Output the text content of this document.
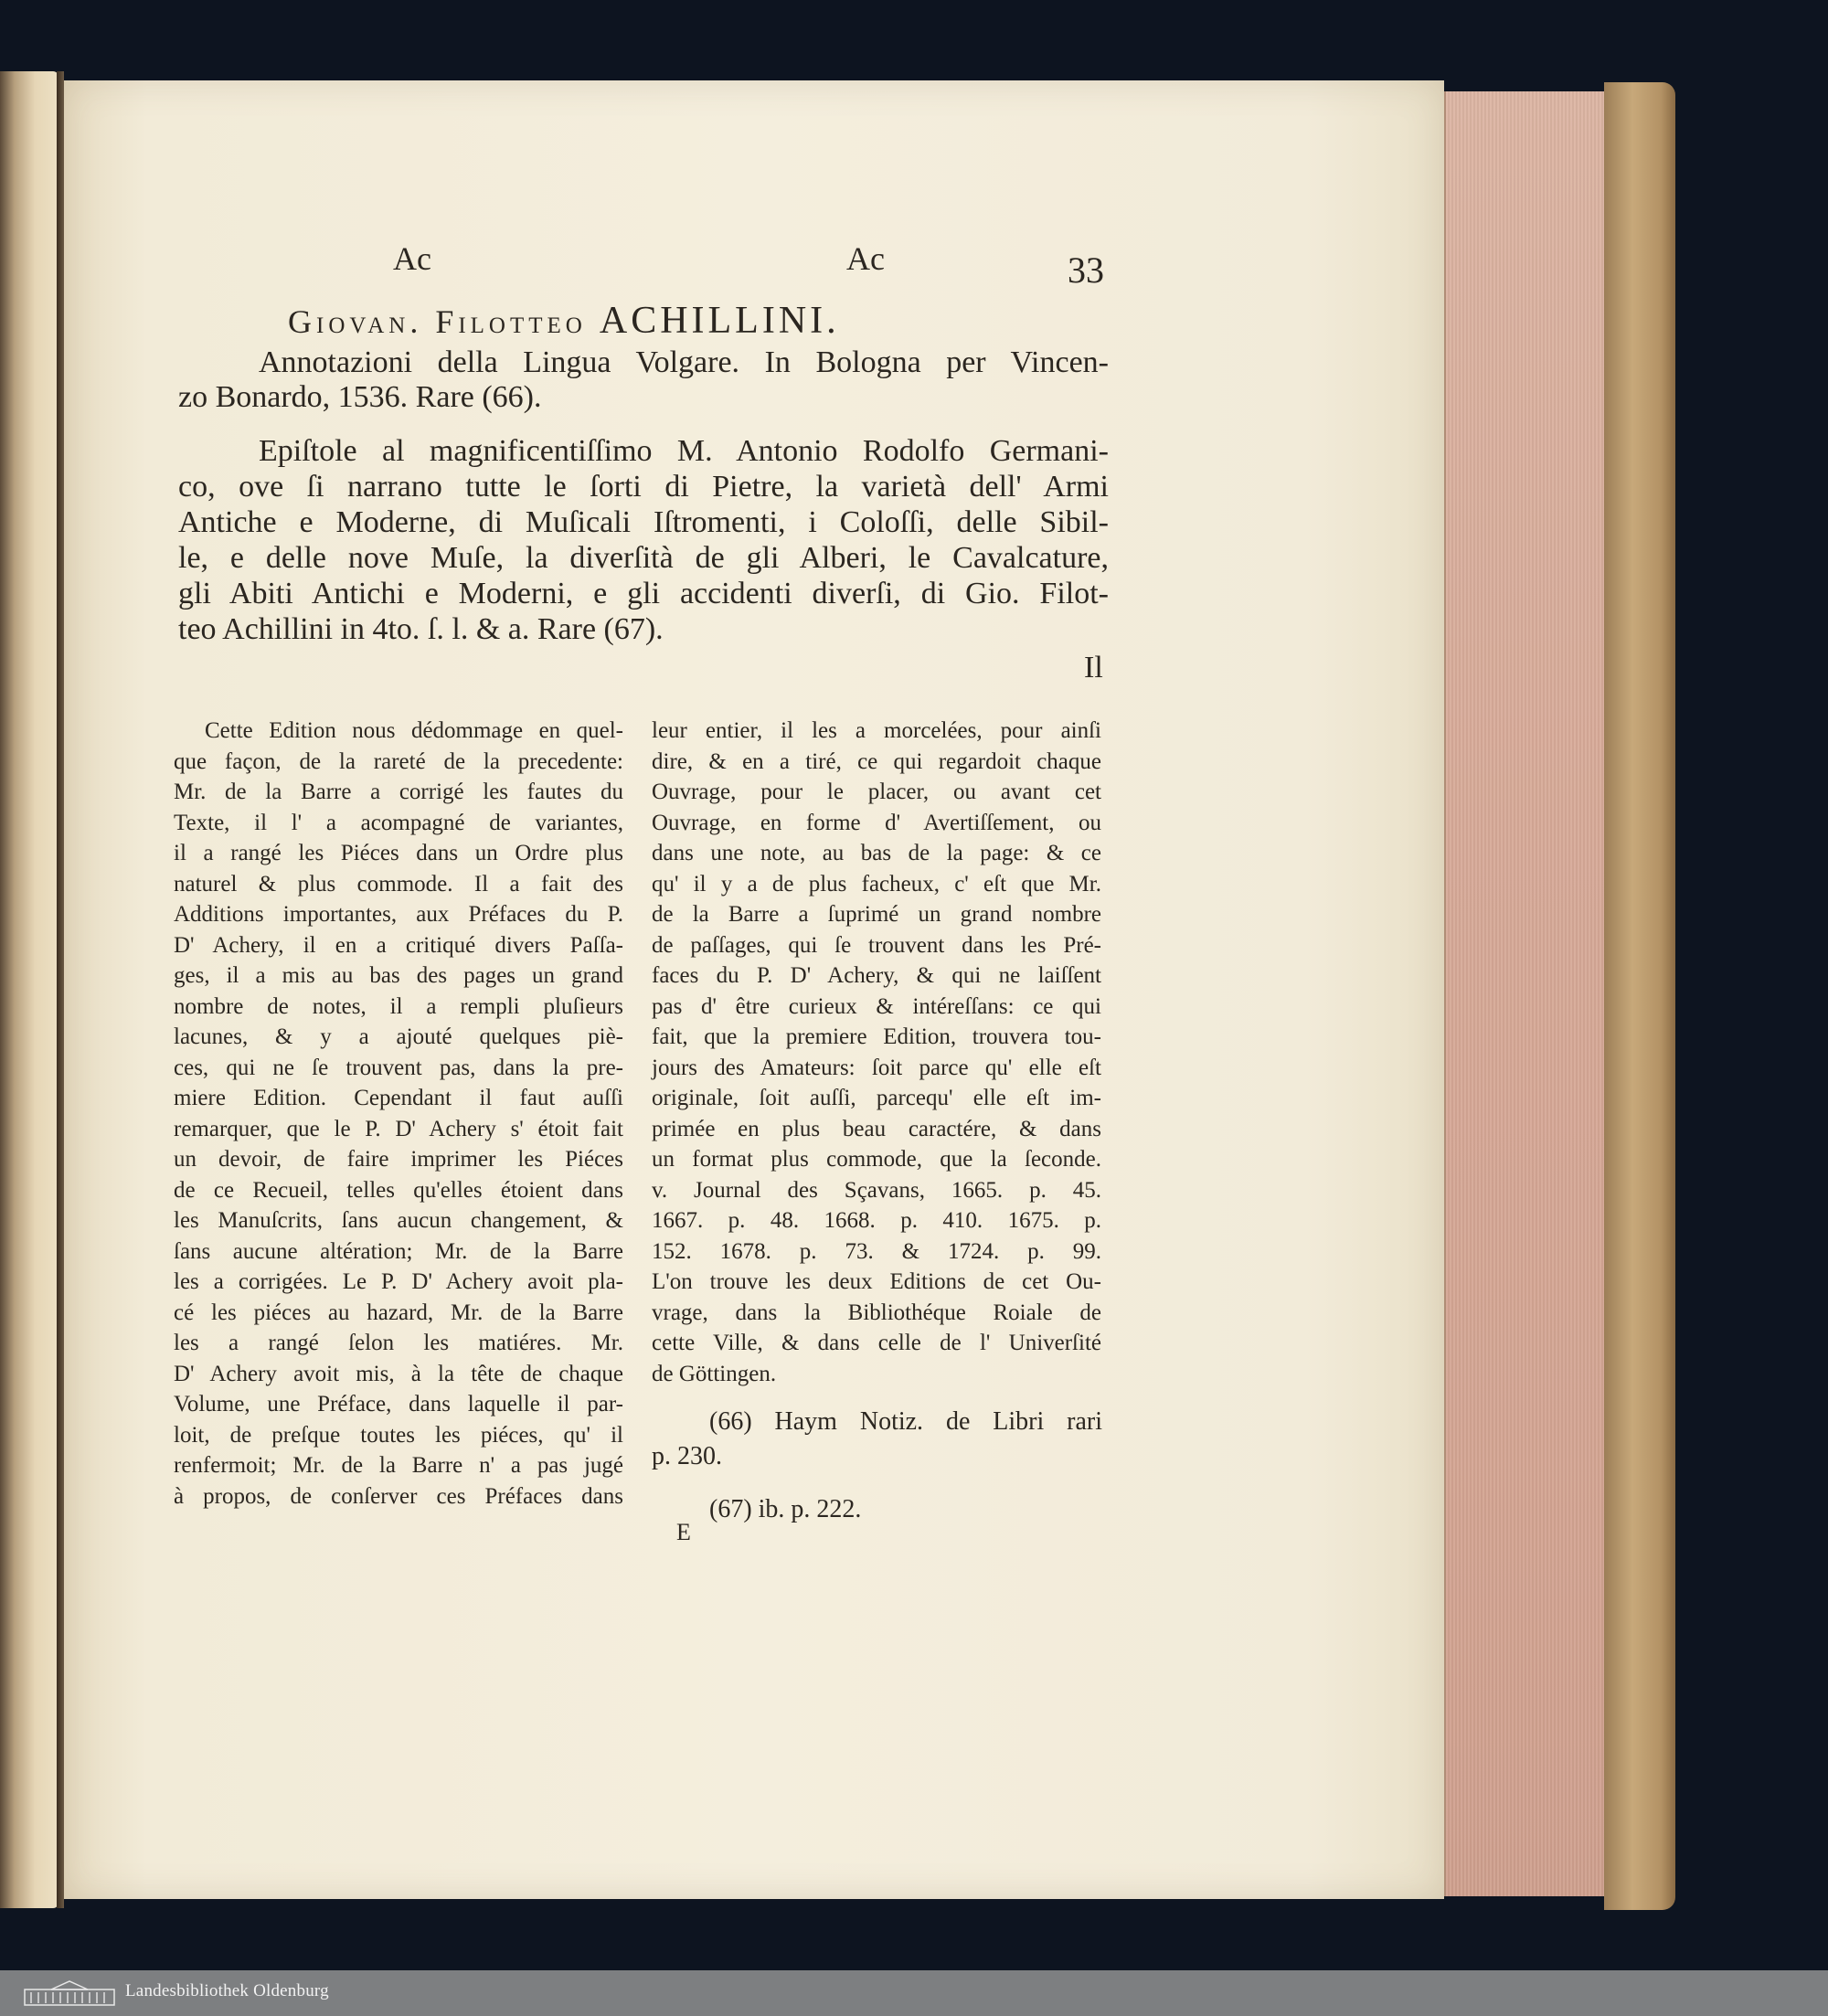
Ac	Ac	33
Giovan. Filotteo ACHILLINI.
Annotazioni della Lingua Volgare. In Bologna per Vincen-
zo Bonardo, 1536. Rare (66).
Epiſtole al magnificentiſſimo M. Antonio Rodolfo Germani-
co, ove ſi narrano tutte le ſorti di Pietre, la varietà dell' Armi
Antiche e Moderne, di Muſicali Iſtromenti, i Coloſſi, delle Sibil-
le, e delle nove Muſe, la diverſità de gli Alberi, le Cavalcature,
gli Abiti Antichi e Moderni, e gli accidenti diverſi, di Gio. Filot-
teo Achillini in 4to. ſ. l. & a. Rare (67).
Il
Cette Edition nous dédommage en quel-
que façon, de la rareté de la precedente:
Mr. de la Barre a corrigé les fautes du
Texte, il l' a acompagné de variantes,
il a rangé les Piéces dans un Ordre plus
naturel & plus commode. Il a fait des
Additions importantes, aux Préfaces du P.
D' Achery, il en a critiqué divers Paſſa-
ges, il a mis au bas des pages un grand
nombre de notes, il a rempli pluſieurs
lacunes, & y a ajouté quelques piè-
ces, qui ne ſe trouvent pas, dans la pre-
miere Edition. Cependant il faut auſſi
remarquer, que le P. D' Achery s' étoit fait
un devoir, de faire imprimer les Piéces
de ce Recueil, telles qu'elles étoient dans
les Manuſcrits, ſans aucun changement, &
ſans aucune altération; Mr. de la Barre
les a corrigées. Le P. D' Achery avoit pla-
cé les piéces au hazard, Mr. de la Barre
les a rangé ſelon les matiéres. Mr.
D' Achery avoit mis, à la tête de chaque
Volume, une Préface, dans laquelle il par-
loit, de preſque toutes les piéces, qu' il
renfermoit; Mr. de la Barre n' a pas jugé
à propos, de conſerver ces Préfaces dans
leur entier, il les a morcelées, pour ainſi
dire, & en a tiré, ce qui regardoit chaque
Ouvrage, pour le placer, ou avant cet
Ouvrage, en forme d' Avertiſſement, ou
dans une note, au bas de la page: & ce
qu' il y a de plus facheux, c' eſt que Mr.
de la Barre a ſuprimé un grand nombre
de paſſages, qui ſe trouvent dans les Pré-
faces du P. D' Achery, & qui ne laiſſent
pas d' être curieux & intéreſſans: ce qui
fait, que la premiere Edition, trouvera tou-
jours des Amateurs: ſoit parce qu' elle eſt
originale, ſoit auſſi, parcequ' elle eſt im-
primée en plus beau caractére, & dans
un format plus commode, que la ſeconde.
v. Journal des Sçavans, 1665. p. 45.
1667. p. 48. 1668. p. 410. 1675. p.
152. 1678. p. 73. & 1724. p. 99.
L'on trouve les deux Editions de cet Ou-
vrage, dans la Bibliothéque Roiale de
cette Ville, & dans celle de l' Univerſité
de Göttingen.
(66) Haym Notiz. de Libri rari
p. 230.
(67) ib. p. 222.
E
Landesbibliothek Oldenburg
